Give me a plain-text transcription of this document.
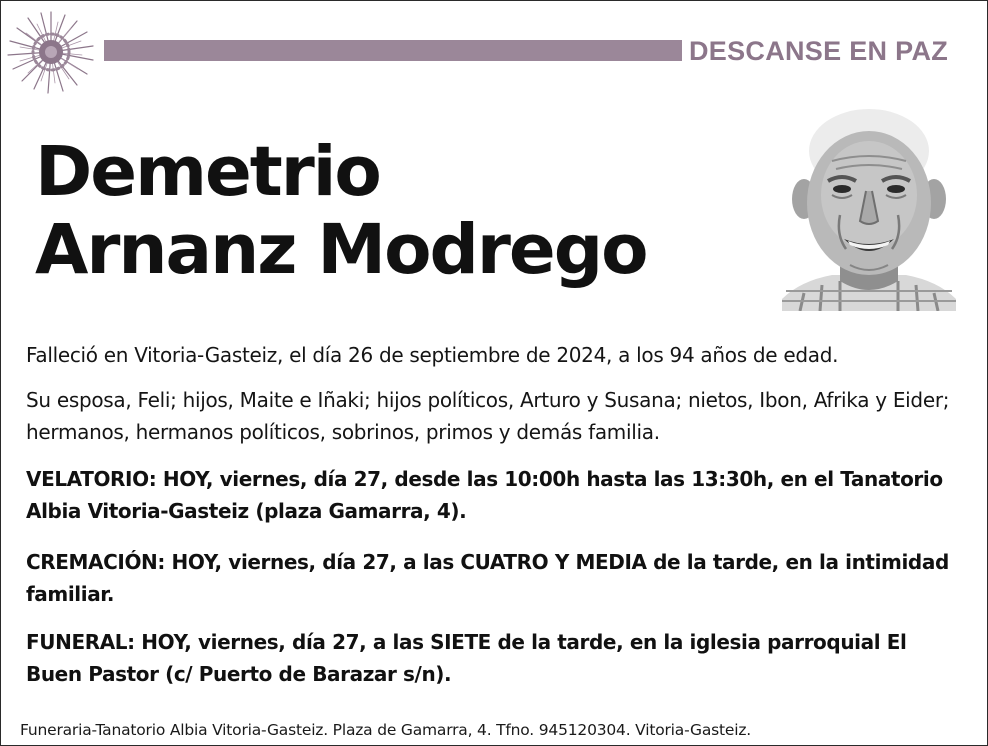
DESCANSE EN PAZ
Demetrio
Arnanz Modrego
Falleció en Vitoria-Gasteiz, el día 26 de septiembre de 2024, a los 94 años de edad.
Su esposa, Feli; hijos, Maite e Iñaki; hijos políticos, Arturo y Susana; nietos, Ibon, Afrika y Eider; hermanos, hermanos políticos, sobrinos, primos y demás familia.
VELATORIO: HOY, viernes, día 27, desde las 10:00h hasta las 13:30h, en el Tanatorio Albia Vitoria-Gasteiz (plaza Gamarra, 4).
CREMACIÓN: HOY, viernes, día 27, a las CUATRO Y MEDIA de la tarde, en la intimidad familiar.
FUNERAL: HOY, viernes, día 27, a las SIETE de la tarde, en la iglesia parroquial El Buen Pastor (c/ Puerto de Barazar s/n).
Funeraria-Tanatorio Albia Vitoria-Gasteiz. Plaza de Gamarra, 4. Tfno. 945120304. Vitoria-Gasteiz.
